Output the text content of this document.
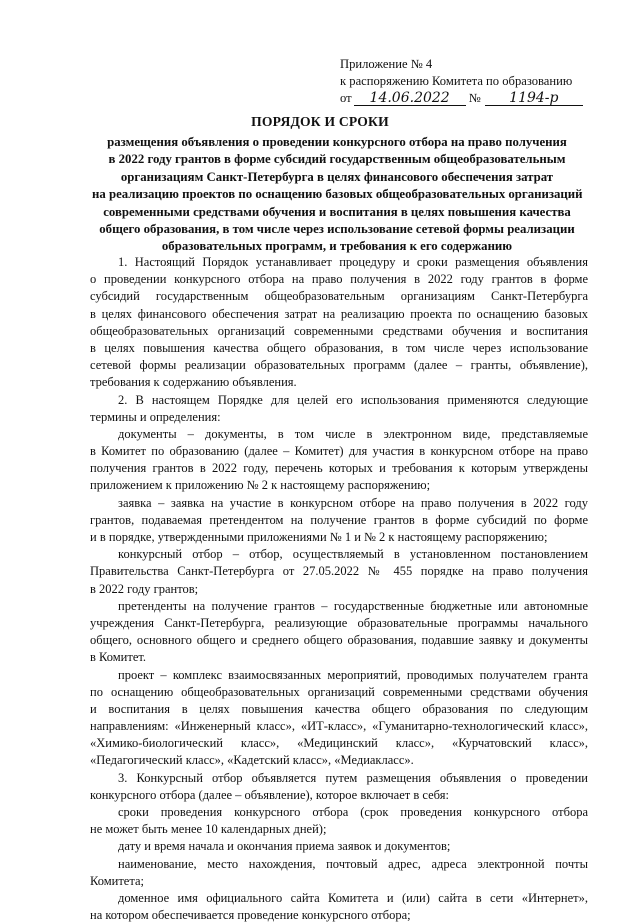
Приложение № 4
к распоряжению Комитета по образованию
от 14.06.2022 № 1194-р
ПОРЯДОК И СРОКИ
размещения объявления о проведении конкурсного отбора на право получения
в 2022 году грантов в форме субсидий государственным общеобразовательным
организациям Санкт-Петербурга в целях финансового обеспечения затрат
на реализацию проектов по оснащению базовых общеобразовательных организаций
современными средствами обучения и воспитания в целях повышения качества
общего образования, в том числе через использование сетевой формы реализации
образовательных программ, и требования к его содержанию
1. Настоящий Порядок устанавливает процедуру и сроки размещения объявления
о проведении конкурсного отбора на право получения в 2022 году грантов в форме
субсидий государственным общеобразовательным организациям Санкт-Петербурга
в целях финансового обеспечения затрат на реализацию проекта по оснащению базовых
общеобразовательных организаций современными средствами обучения и воспитания
в целях повышения качества общего образования, в том числе через использование
сетевой формы реализации образовательных программ (далее – гранты, объявление),
требования к содержанию объявления.
2. В настоящем Порядке для целей его использования применяются следующие
термины и определения:
документы – документы, в том числе в электронном виде, представляемые
в Комитет по образованию (далее – Комитет) для участия в конкурсном отборе на право
получения грантов в 2022 году, перечень которых и требования к которым утверждены
приложением к приложению № 2 к настоящему распоряжению;
заявка – заявка на участие в конкурсном отборе на право получения в 2022 году
грантов, подаваемая претендентом на получение грантов в форме субсидий по форме
и в порядке, утвержденными приложениями № 1 и № 2 к настоящему распоряжению;
конкурсный отбор – отбор, осуществляемый в установленном постановлением
Правительства Санкт-Петербурга от 27.05.2022 № 455 порядке на право получения
в 2022 году грантов;
претенденты на получение грантов – государственные бюджетные или автономные
учреждения Санкт-Петербурга, реализующие образовательные программы начального
общего, основного общего и среднего общего образования, подавшие заявку и документы
в Комитет.
проект – комплекс взаимосвязанных мероприятий, проводимых получателем гранта
по оснащению общеобразовательных организаций современными средствами обучения
и воспитания в целях повышения качества общего образования по следующим
направлениям: «Инженерный класс», «ИТ-класс», «Гуманитарно-технологический класс»,
«Химико-биологический класс», «Медицинский класс», «Курчатовский класс»,
«Педагогический класс», «Кадетский класс», «Медиакласс».
3. Конкурсный отбор объявляется путем размещения объявления о проведении
конкурсного отбора (далее – объявление), которое включает в себя:
сроки проведения конкурсного отбора (срок проведения конкурсного отбора
не может быть менее 10 календарных дней);
дату и время начала и окончания приема заявок и документов;
наименование, место нахождения, почтовый адрес, адреса электронной почты
Комитета;
доменное имя официального сайта Комитета и (или) сайта в сети «Интернет»,
на котором обеспечивается проведение конкурсного отбора;
